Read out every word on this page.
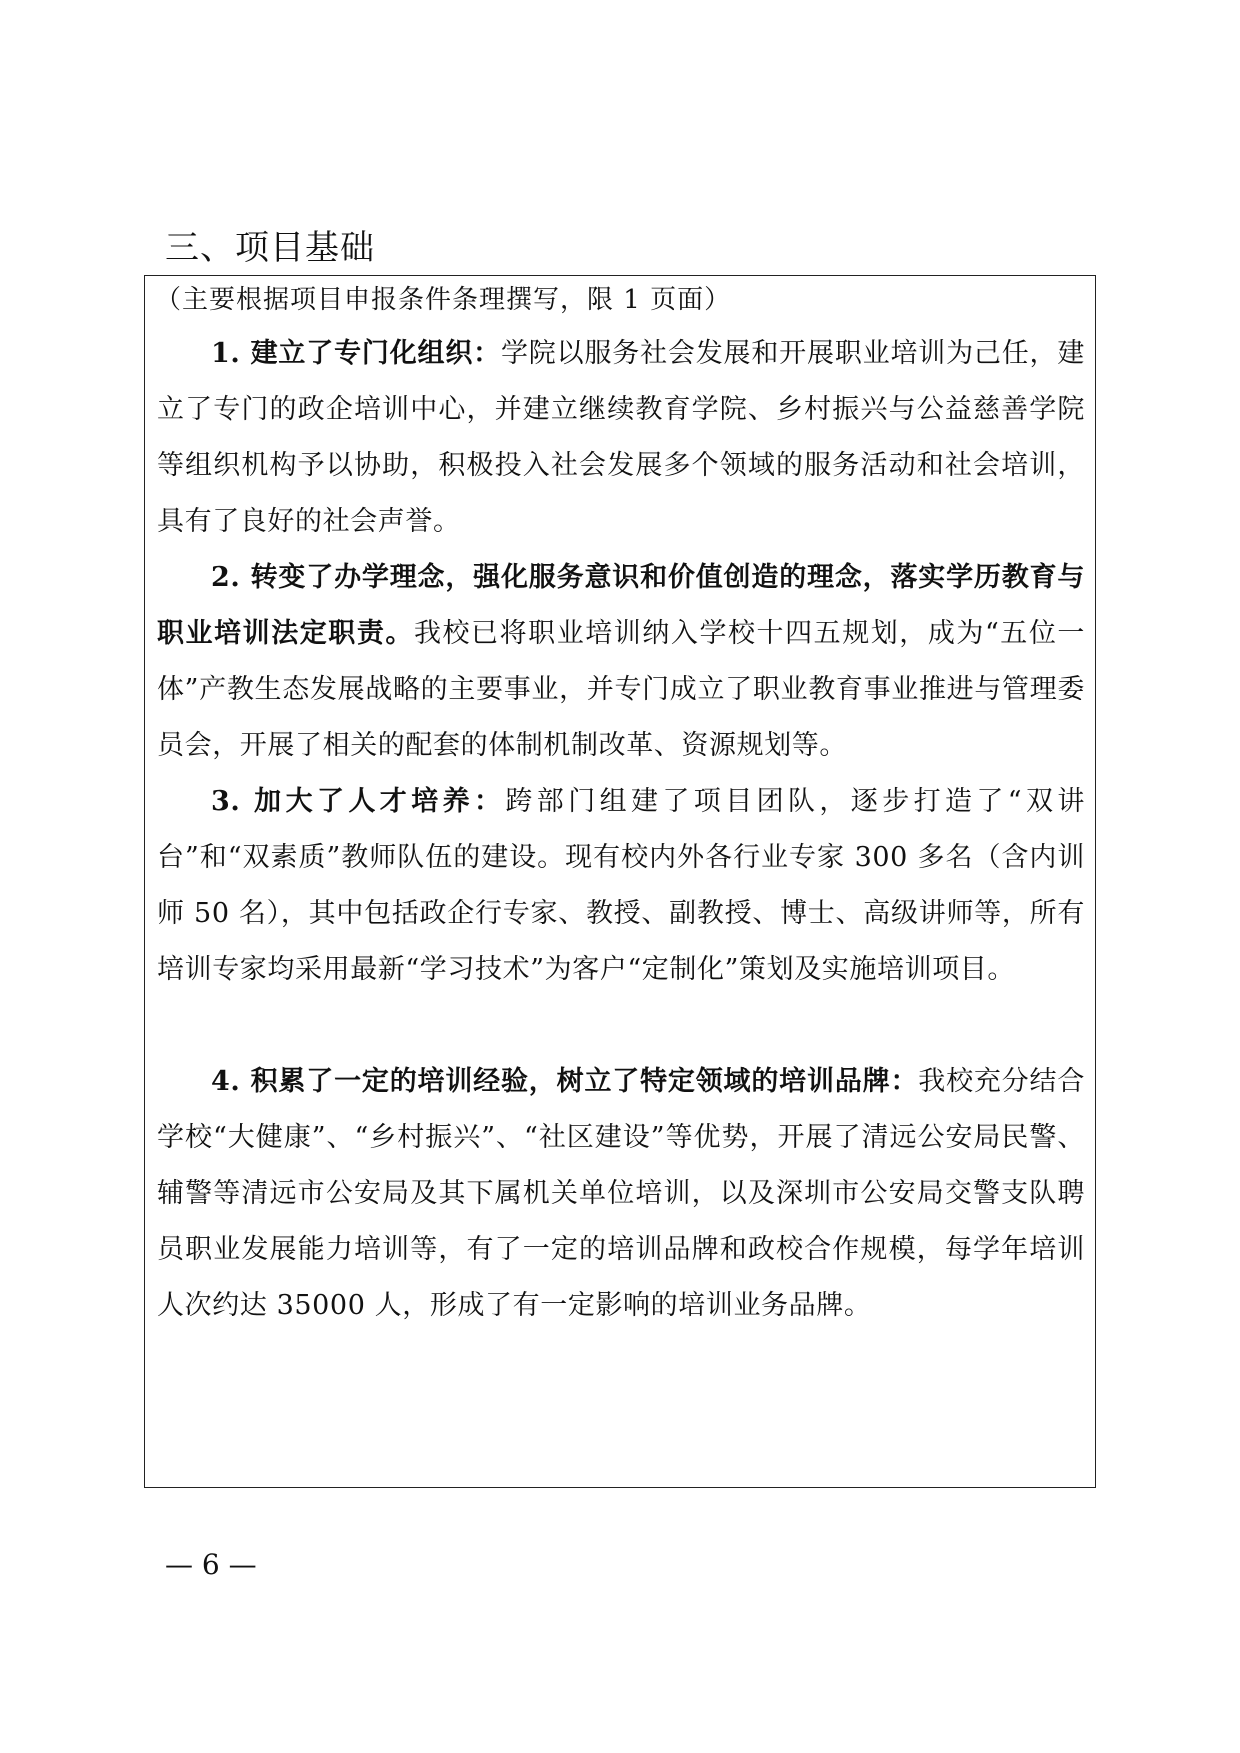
三、项目基础
（主要根据项目申报条件条理撰写，限 1 页面）

1. 建立了专门化组织：学院以服务社会发展和开展职业培训为己任，建立了专门的政企培训中心，并建立继续教育学院、乡村振兴与公益慈善学院等组织机构予以协助，积极投入社会发展多个领域的服务活动和社会培训，具有了良好的社会声誉。

2. 转变了办学理念，强化服务意识和价值创造的理念，落实学历教育与职业培训法定职责。我校已将职业培训纳入学校十四五规划，成为“五位一体”产教生态发展战略的主要事业，并专门成立了职业教育事业推进与管理委员会，开展了相关的配套的体制机制改革、资源规划等。

3. 加大了人才培养：跨部门组建了项目团队，逐步打造了“双讲台”和“双素质”教师队伍的建设。现有校内外各行业专家 300 多名（含内训师 50 名），其中包括政企行专家、教授、副教授、博士、高级讲师等，所有培训专家均采用最新“学习技术”为客户“定制化”策划及实施培训项目。

4. 积累了一定的培训经验，树立了特定领域的培训品牌：我校充分结合学校“大健康”、“乡村振兴”、“社区建设”等优势，开展了清远公安局民警、辅警等清远市公安局及其下属机关单位培训，以及深圳市公安局交警支队聘员职业发展能力培训等，有了一定的培训品牌和政校合作规模，每学年培训人次约达 35000 人，形成了有一定影响的培训业务品牌。

— 6 —
